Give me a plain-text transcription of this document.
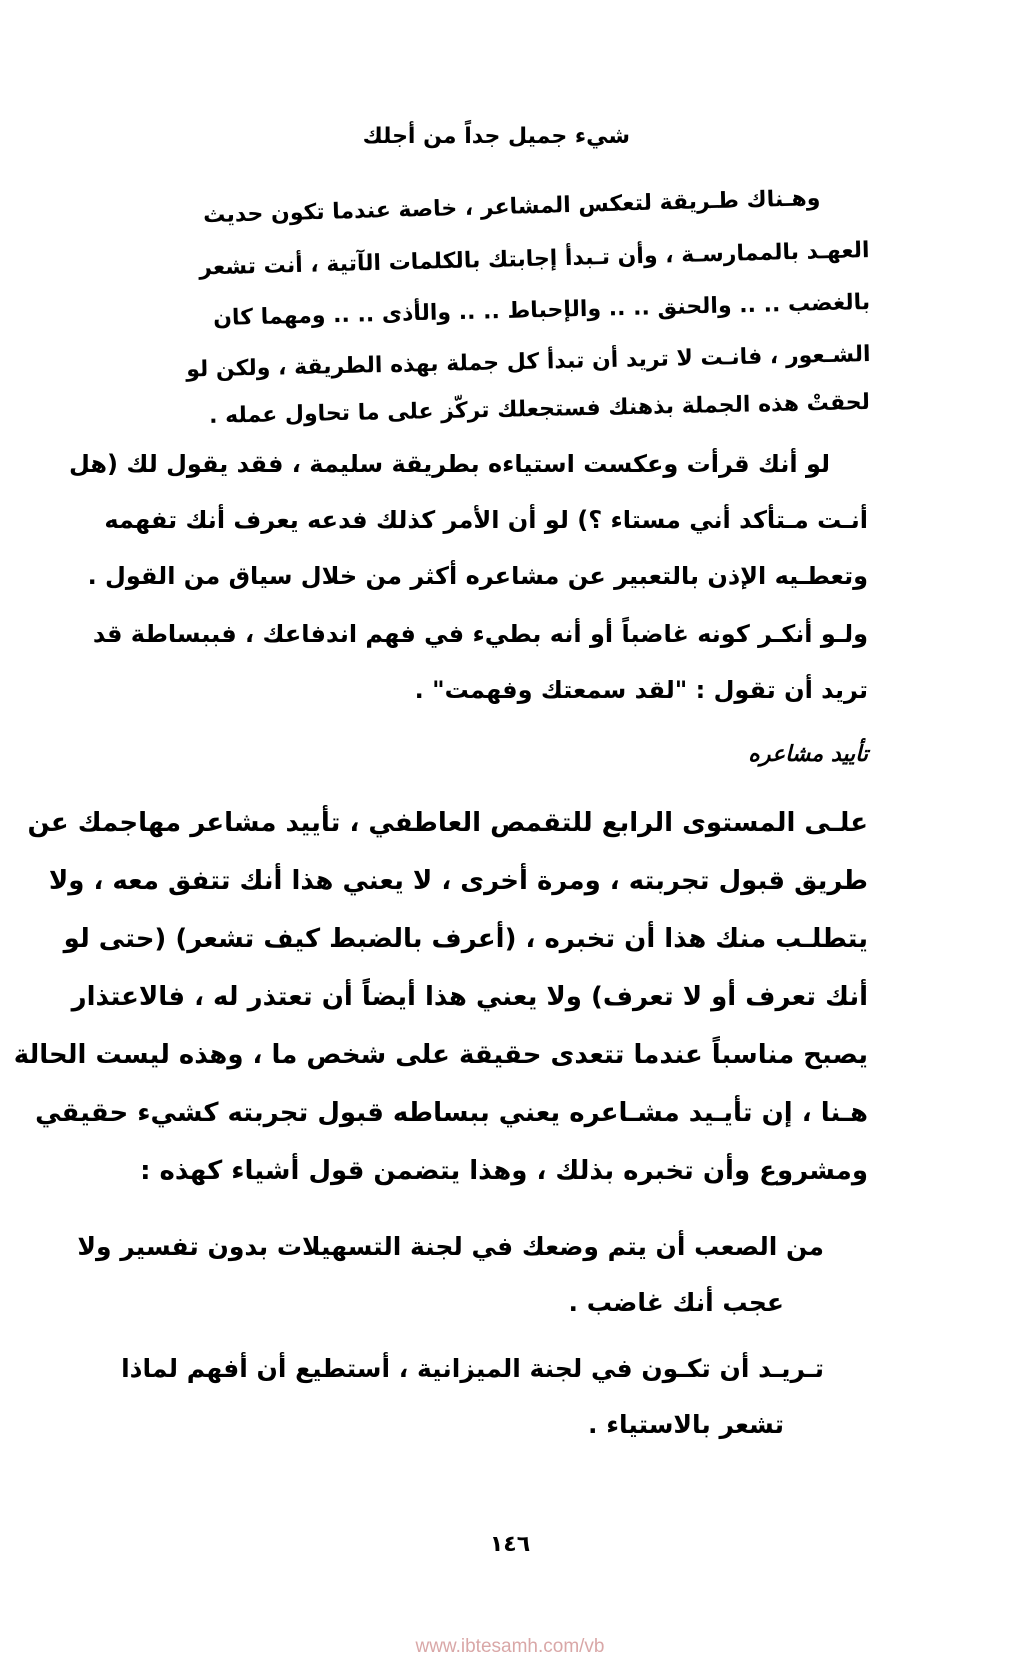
شيء جميل جداً من أجلك
وهـناك طـريقة لتعكس المشاعر ، خاصة عندما تكون حديث
العهـد بالممارسـة ، وأن تـبدأ إجابتك بالكلمات الآتية ، أنت تشعر
بالغضب .. .. والحنق .. .. والإحباط .. .. والأذى .. .. ومهما كان
الشـعور ، فانـت لا تريد أن تبدأ كل جملة بهذه الطريقة ، ولكن لو
لحقتْ هذه الجملة بذهنك فستجعلك تركّز على ما تحاول عمله .
لو أنك قرأت وعكست استياءه بطريقة سليمة ، فقد يقول لك (هل
أنـت مـتأكد أني مستاء ؟) لو أن الأمر كذلك فدعه يعرف أنك تفهمه
وتعطـيه الإذن بالتعبير عن مشاعره أكثر من خلال سياق من القول .
ولـو أنكـر كونه غاضباً أو أنه بطيء في فهم اندفاعك ، فببساطة قد
تريد أن تقول : "لقد سمعتك وفهمت" .
تأييد مشاعره
علـى المستوى الرابع للتقمص العاطفي ، تأييد مشاعر مهاجمك عن
طريق قبول تجربته ، ومرة أخرى ، لا يعني هذا أنك تتفق معه ، ولا
يتطلـب منك هذا أن تخبره ، (أعرف بالضبط كيف تشعر) (حتى لو
أنك تعرف أو لا تعرف) ولا يعني هذا أيضاً أن تعتذر له ، فالاعتذار
يصبح مناسباً عندما تتعدى حقيقة على شخص ما ، وهذه ليست الحالة
هـنا ، إن تأيـيد مشـاعره يعني ببساطه قبول تجربته كشيء حقيقي
ومشروع وأن تخبره بذلك ، وهذا يتضمن قول أشياء كهذه :
من الصعب أن يتم وضعك في لجنة التسهيلات بدون تفسير ولا
عجب أنك غاضب .
تـريـد أن تكـون في لجنة الميزانية ، أستطيع أن أفهم لماذا
تشعر بالاستياء .
١٤٦
www.ibtesamh.com/vb
